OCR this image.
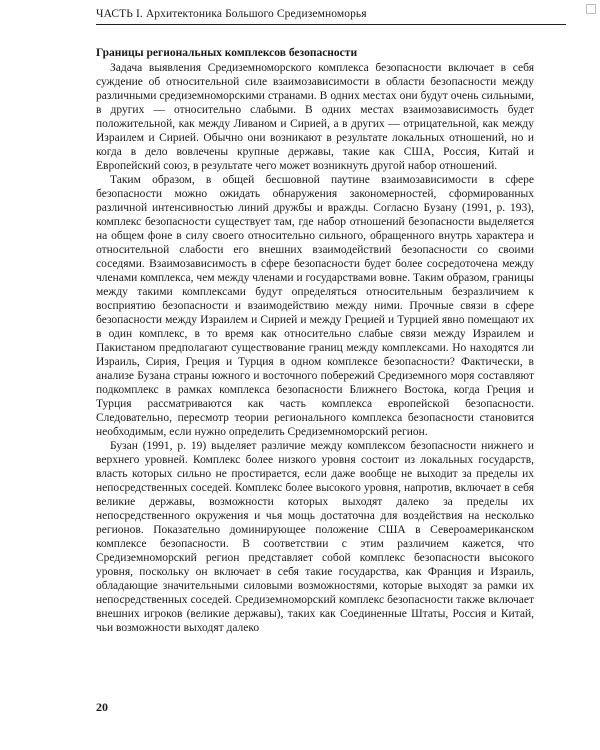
ЧАСТЬ I. Архитектоника Большого Средиземноморья
Границы региональных комплексов безопасности

Задача выявления Средиземноморского комплекса безопасности включает в себя суждение об относительной силе взаимозависимости в области безопасности между различными средиземноморскими странами. В одних местах они будут очень сильными, в других — относительно слабыми. В одних местах взаимозависимость будет положительной, как между Ливаном и Сирией, а в других — отрицательной, как между Израилем и Сирией. Обычно они возникают в результате локальных отношений, но и когда в дело вовлечены крупные державы, такие как США, Россия, Китай и Европейский союз, в результате чего может возникнуть другой набор отношений.

Таким образом, в общей бесшовной паутине взаимозависимости в сфере безопасности можно ожидать обнаружения закономерностей, сформированных различной интенсивностью линий дружбы и вражды. Согласно Бузану (1991, p. 193), комплекс безопасности существует там, где набор отношений безопасности выделяется на общем фоне в силу своего относительно сильного, обращенного внутрь характера и относительной слабости его внешних взаимодействий безопасности со своими соседями. Взаимозависимость в сфере безопасности будет более сосредоточена между членами комплекса, чем между членами и государствами вовне. Таким образом, границы между такими комплексами будут определяться относительным безразличием к восприятию безопасности и взаимодействию между ними. Прочные связи в сфере безопасности между Израилем и Сирией и между Грецией и Турцией явно помещают их в один комплекс, в то время как относительно слабые связи между Израилем и Пакистаном предполагают существование границ между комплексами. Но находятся ли Израиль, Сирия, Греция и Турция в одном комплексе безопасности? Фактически, в анализе Бузана страны южного и восточного побережий Средиземного моря составляют подкомплекс в рамках комплекса безопасности Ближнего Востока, когда Греция и Турция рассматриваются как часть комплекса европейской безопасности. Следовательно, пересмотр теории регионального комплекса безопасности становится необходимым, если нужно определить Средиземноморский регион.

Бузан (1991, p. 19) выделяет различие между комплексом безопасности нижнего и верхнего уровней. Комплекс более низкого уровня состоит из локальных государств, власть которых сильно не простирается, если даже вообще не выходит за пределы их непосредственных соседей. Комплекс более высокого уровня, напротив, включает в себя великие державы, возможности которых выходят далеко за пределы их непосредственного окружения и чья мощь достаточна для воздействия на несколько регионов. Показательно доминирующее положение США в Североамериканском комплексе безопасности. В соответствии с этим различием кажется, что Средиземноморский регион представляет собой комплекс безопасности высокого уровня, поскольку он включает в себя такие государства, как Франция и Израиль, обладающие значительными силовыми возможностями, которые выходят за рамки их непосредственных соседей. Средиземноморский комплекс безопасности также включает внешних игроков (великие державы), таких как Соединенные Штаты, Россия и Китай, чьи возможности выходят далеко

20
